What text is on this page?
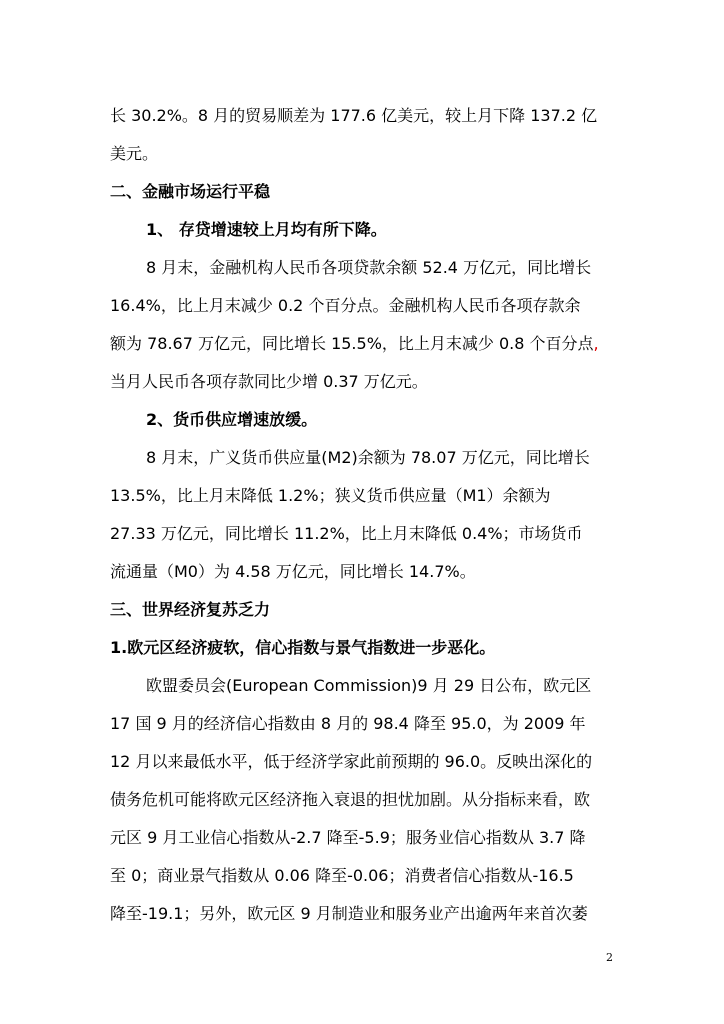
长 30.2%。8 月的贸易顺差为 177.6 亿美元，较上月下降 137.2 亿
美元。
二、金融市场运行平稳
1、 存贷增速较上月均有所下降。
8 月末，金融机构人民币各项贷款余额 52.4 万亿元，同比增长
16.4%，比上月末减少 0.2 个百分点。金融机构人民币各项存款余
额为 78.67 万亿元，同比增长 15.5%，比上月末减少 0.8 个百分点,
当月人民币各项存款同比少增 0.37 万亿元。
2、货币供应增速放缓。
8 月末，广义货币供应量(M2)余额为 78.07 万亿元，同比增长
13.5%，比上月末降低 1.2%；狭义货币供应量（M1）余额为
27.33 万亿元，同比增长 11.2%，比上月末降低 0.4%；市场货币
流通量（M0）为 4.58 万亿元，同比增长 14.7%。
三、世界经济复苏乏力
1.欧元区经济疲软，信心指数与景气指数进一步恶化。
欧盟委员会(European Commission)9 月 29 日公布，欧元区
17 国 9 月的经济信心指数由 8 月的 98.4 降至 95.0，为 2009 年
12 月以来最低水平，低于经济学家此前预期的 96.0。反映出深化的
债务危机可能将欧元区经济拖入衰退的担忧加剧。从分指标来看，欧
元区 9 月工业信心指数从-2.7 降至-5.9；服务业信心指数从 3.7 降
至 0；商业景气指数从 0.06 降至-0.06；消费者信心指数从-16.5
降至-19.1；另外，欧元区 9 月制造业和服务业产出逾两年来首次萎
2
